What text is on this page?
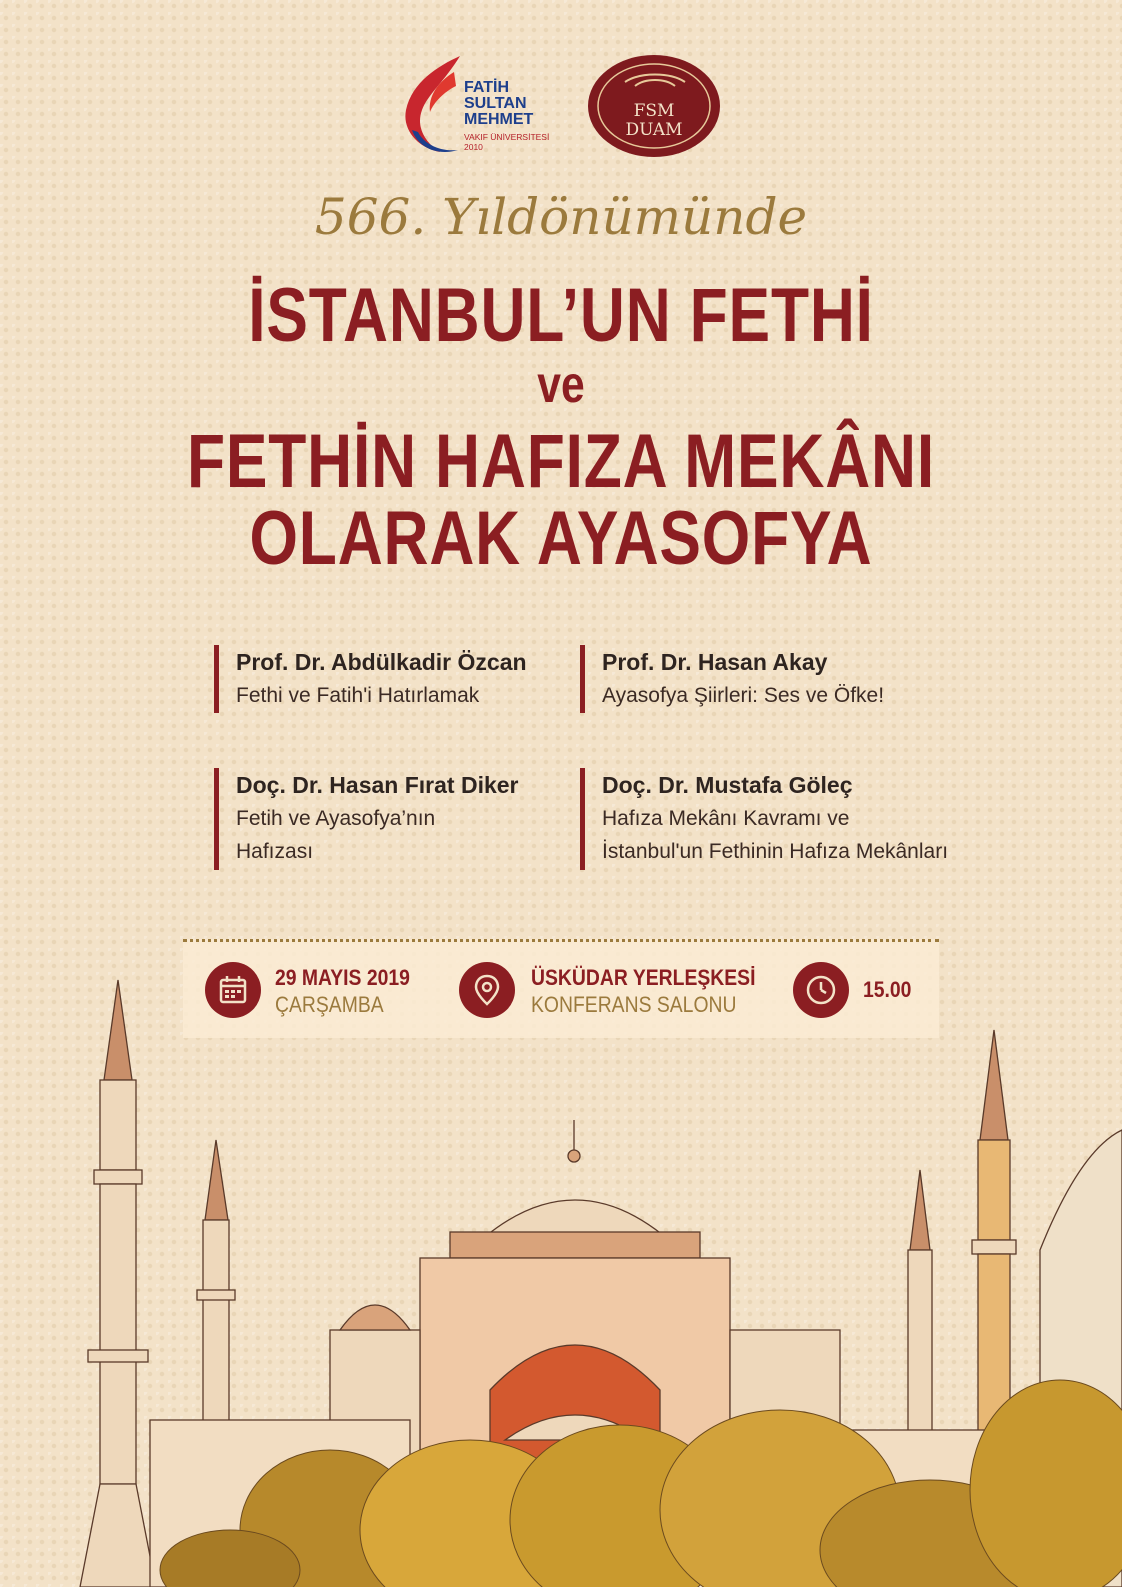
FATİH
SULTAN
MEHMET
VAKIF ÜNİVERSİTESİ
2010
FSM
DUAM
566. Yıldönümünde
İSTANBUL’UN FETHİ
ve
FETHİN HAFIZA MEKÂNI
OLARAK AYASOFYA
Prof. Dr. Abdülkadir Özcan
Fethi ve Fatih'i Hatırlamak
Prof. Dr. Hasan Akay
Ayasofya Şiirleri: Ses ve Öfke!
Doç. Dr. Hasan Fırat Diker
Fetih ve Ayasofya’nın
Hafızası
Doç. Dr. Mustafa Göleç
Hafıza Mekânı Kavramı ve
İstanbul'un Fethinin Hafıza Mekânları
29 MAYIS 2019
ÇARŞAMBA
ÜSKÜDAR YERLEŞKESİ
KONFERANS SALONU
15.00
